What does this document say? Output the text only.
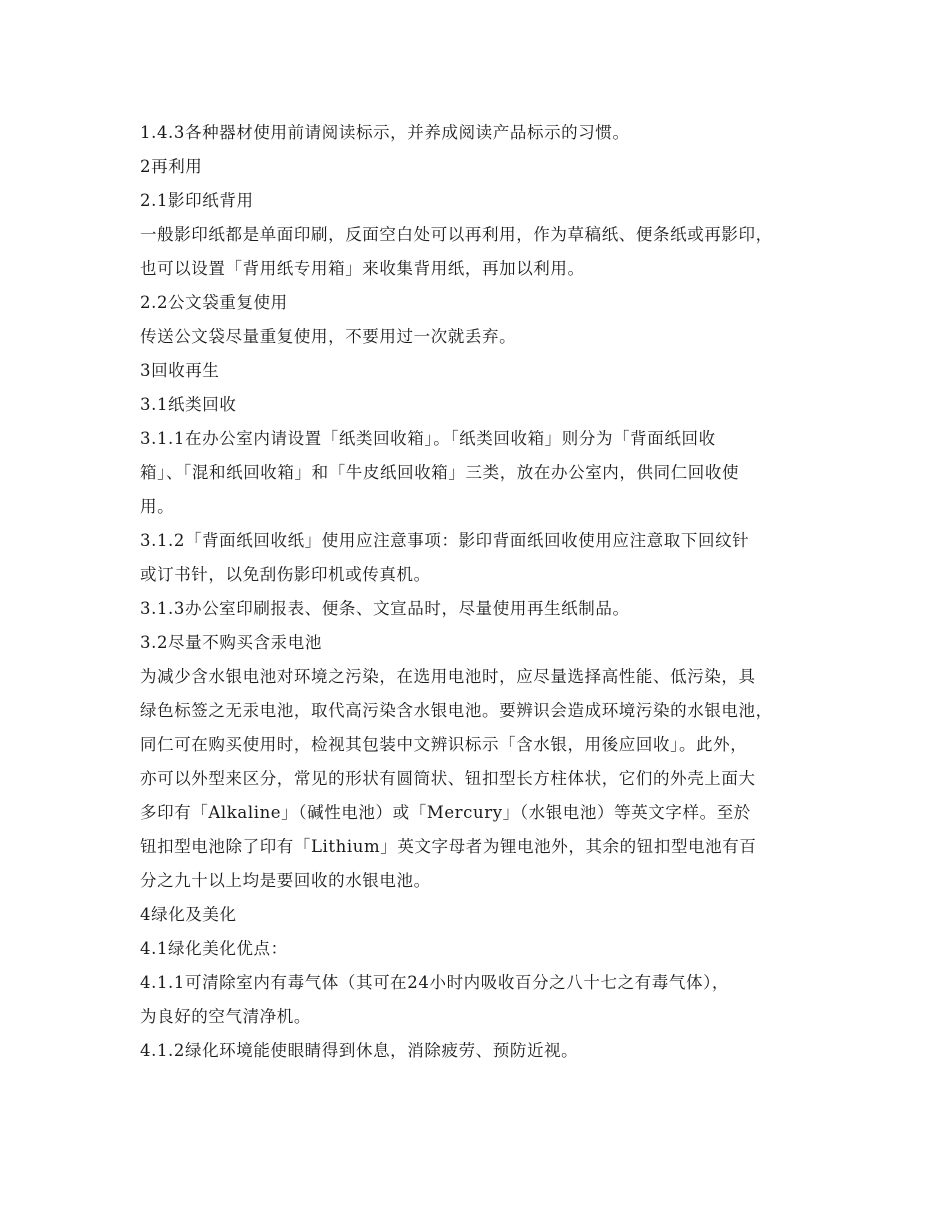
1.4.3各种器材使用前请阅读标示，并养成阅读产品标示的习惯。
2再利用
2.1影印纸背用
一般影印纸都是单面印刷，反面空白处可以再利用，作为草稿纸、便条纸或再影印，
也可以设置「背用纸专用箱」来收集背用纸，再加以利用。
2.2公文袋重复使用
传送公文袋尽量重复使用，不要用过一次就丢弃。
3回收再生
3.1纸类回收
3.1.1在办公室内请设置「纸类回收箱」。「纸类回收箱」则分为「背面纸回收
箱」、「混和纸回收箱」和「牛皮纸回收箱」三类，放在办公室内，供同仁回收使
用。
3.1.2「背面纸回收纸」使用应注意事项：影印背面纸回收使用应注意取下回纹针
或订书针，以免刮伤影印机或传真机。
3.1.3办公室印刷报表、便条、文宣品时，尽量使用再生纸制品。
3.2尽量不购买含汞电池
为减少含水银电池对环境之污染，在选用电池时，应尽量选择高性能、低污染，具
绿色标签之无汞电池，取代高污染含水银电池。要辨识会造成环境污染的水银电池，
同仁可在购买使用时，检视其包装中文辨识标示「含水银，用後应回收」。此外，
亦可以外型来区分，常见的形状有圆筒状、钮扣型长方柱体状，它们的外壳上面大
多印有「Alkaline」（碱性电池）或「Mercury」（水银电池）等英文字样。至於
钮扣型电池除了印有「Lithium」英文字母者为锂电池外，其余的钮扣型电池有百
分之九十以上均是要回收的水银电池。
4绿化及美化
4.1绿化美化优点：
4.1.1可清除室内有毒气体（其可在24小时内吸收百分之八十七之有毒气体），
为良好的空气清净机。
4.1.2绿化环境能使眼睛得到休息，消除疲劳、预防近视。
